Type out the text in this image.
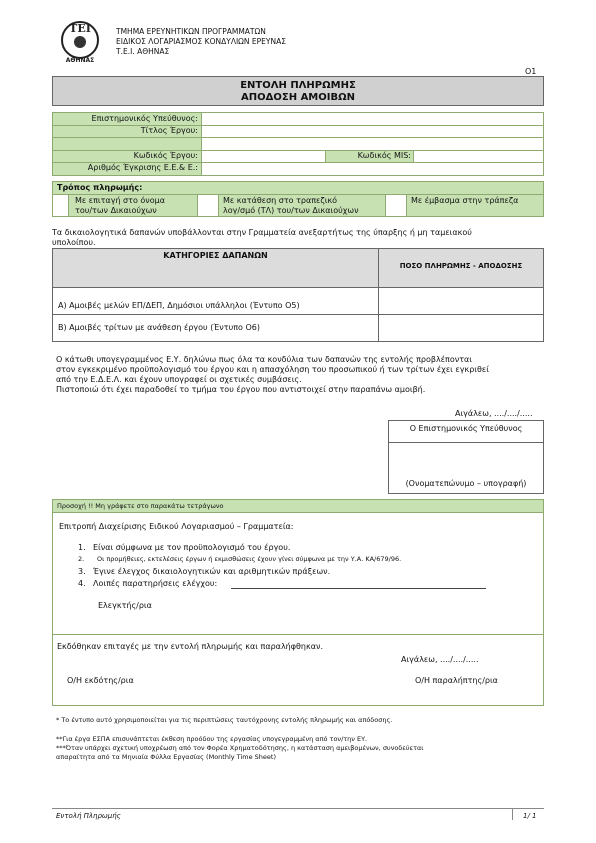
ΤΕΙ
ΑΘΗΝΑΣ
ΤΜΗΜΑ ΕΡΕΥΝΗΤΙΚΩΝ ΠΡΟΓΡΑΜΜΑΤΩΝ
ΕΙΔΙΚΟΣ ΛΟΓΑΡΙΑΣΜΟΣ ΚΟΝΔΥΛΙΩΝ ΕΡΕΥΝΑΣ
Τ.Ε.Ι. ΑΘΗΝΑΣ
Ο1
ΕΝΤΟΛΗ ΠΛΗΡΩΜΗΣ
ΑΠΟΔΟΣΗ ΑΜΟΙΒΩΝ
Επιστημονικός Υπεύθυνος:
Τίτλος Έργου:
Κωδικός Έργου:	Κωδικός MIS:
Αριθμός Έγκρισης Ε.Ε.& Ε.:
Τρόπος πληρωμής:
Με επιταγή στο όνομα
του/των Δικαιούχων
Με κατάθεση στο τραπεζικό
λογ/σμό (ΤΛ) του/των Δικαιούχων
Με έμβασμα στην τράπεζα
Τα δικαιολογητικά δαπανών υποβάλλονται στην Γραμματεία ανεξαρτήτως της ύπαρξης ή μη ταμειακού
υπολοίπου.
ΚΑΤΗΓΟΡΙΕΣ ΔΑΠΑΝΩΝ
ΠΟΣΟ ΠΛΗΡΩΜΗΣ - ΑΠΟΔΟΣΗΣ
Α) Αμοιβές μελών ΕΠ/ΔΕΠ, Δημόσιοι υπάλληλοι (Έντυπο Ο5)
Β) Αμοιβές τρίτων με ανάθεση έργου (Έντυπο Ο6)
Ο κάτωθι υπογεγραμμένος Ε.Υ. δηλώνω πως όλα τα κονδύλια των δαπανών της εντολής προβλέπονται
στον εγκεκριμένο προϋπολογισμό του έργου και η απασχόληση του προσωπικού ή των τρίτων έχει εγκριθεί
από την Ε.Δ.Ε.Λ. και έχουν υπογραφεί οι σχετικές συμβάσεις.
Πιστοποιώ ότι έχει παραδοθεί το τμήμα του έργου που αντιστοιχεί στην παραπάνω αμοιβή.
Αιγάλεω, ..../..../.....
Ο Επιστημονικός Υπεύθυνος
(Ονοματεπώνυμο – υπογραφή)
Προσοχή !! Μη γράφετε στο παρακάτω τετράγωνο
Επιτροπή Διαχείρισης Ειδικού Λογαριασμού – Γραμματεία:
1. Είναι σύμφωνα με τον προϋπολογισμό του έργου.
2. Οι προμήθειες, εκτελέσεις έργων ή εκμισθώσεις έχουν γίνει σύμφωνα με την Υ.Α. ΚΑ/679/96.
3. Έγινε έλεγχος δικαιολογητικών και αριθμητικών πράξεων.
4. Λοιπές παρατηρήσεις ελέγχου:
Ελεγκτής/ρια
Εκδόθηκαν επιταγές με την εντολή πληρωμής και παραλήφθηκαν.
Αιγάλεω, ..../..../.....
Ο/Η εκδότης/ρια	Ο/Η παραλήπτης/ρια
* Το έντυπο αυτό χρησιμοποιείται για τις περιπτώσεις ταυτόχρονης εντολής πληρωμής και απόδοσης.
**Για έργα ΕΣΠΑ επισυνάπτεται έκθεση προόδου της εργασίας υπογεγραμμένη από τον/την ΕΥ.
***Όταν υπάρχει σχετική υποχρέωση από τον Φορέα Χρηματοδότησης, η κατάσταση αμειβομένων, συνοδεύεται
απαραίτητα από τα Μηνιαία Φύλλα Εργασίας (Monthly Time Sheet)
Εντολή Πληρωμής	1/ 1
